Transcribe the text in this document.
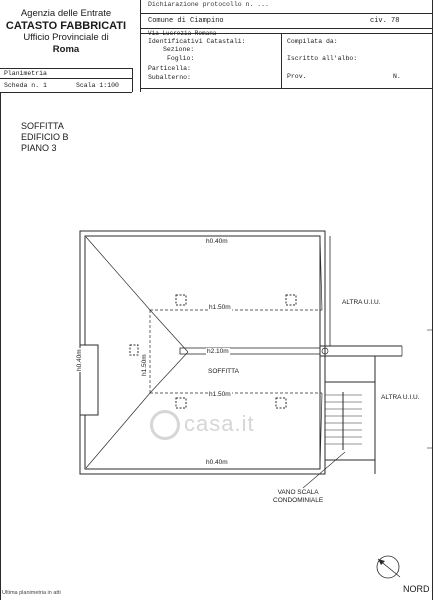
Agenzia delle Entrate
CATASTO FABBRICATI
Ufficio Provinciale di
Roma
Dichiarazione protocollo n. ...
Comune di Ciampino
Via Lucrezia Romana
civ. 78
Identificativi Catastali:
Sezione:
Foglio:
Particella:
Subalterno:
Compilata da:
Iscritto all'albo:
Prov.	N.
Planimetria
Scheda n. 1	Scala 1:100
SOFFITTA
EDIFICIO B
PIANO 3
h0.40m
h1.50m
h2.10m
SOFFITTA
h1.50m
h0.40m
h0.40m	h1.50m
ALTRA U.I.U.
ALTRA U.I.U.
VANO SCALA
CONDOMINIALE
casa.it
NORD
Ultima planimetria in atti
